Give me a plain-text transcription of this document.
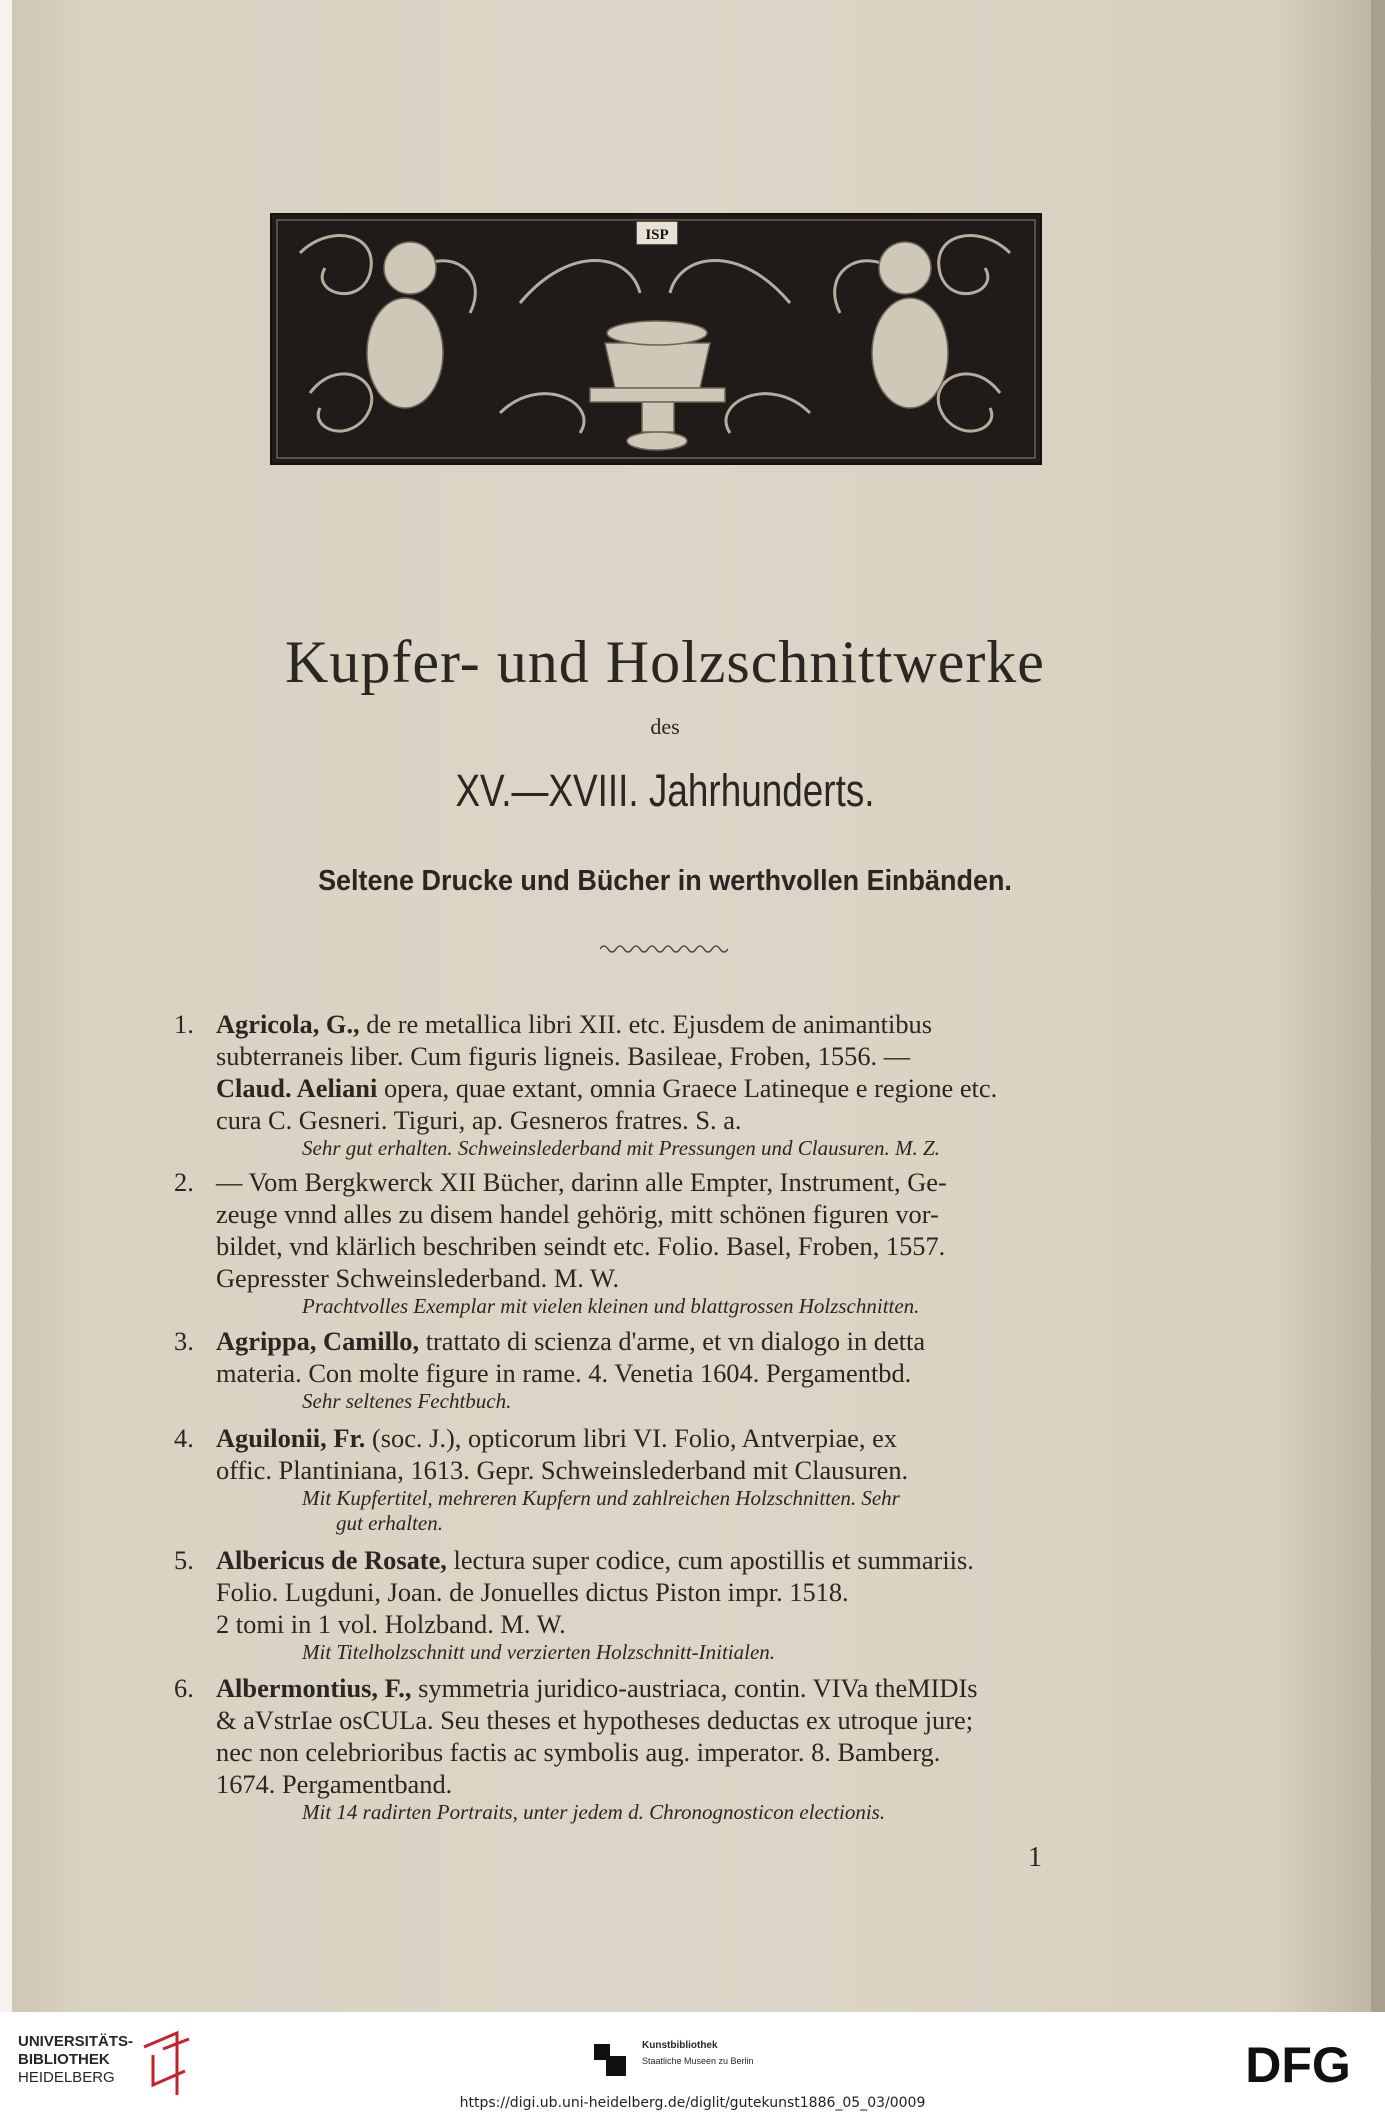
ISP
Kupfer- und Holzschnittwerke
des
XV.—XVIII. Jahrhunderts.
Seltene Drucke und Bücher in werthvollen Einbänden.
1. Agricola, G., de re metallica libri XII. etc. Ejusdem de animantibus
subterraneis liber. Cum figuris ligneis. Basileae, Froben, 1556. —
Claud. Aeliani opera, quae extant, omnia Graece Latineque e regione etc.
cura C. Gesneri. Tiguri, ap. Gesneros fratres. S. a.
Sehr gut erhalten. Schweinslederband mit Pressungen und Clausuren. M. Z.
2. — Vom Bergkwerck XII Bücher, darinn alle Empter, Instrument, Ge-
zeuge vnnd alles zu disem handel gehörig, mitt schönen figuren vor-
bildet, vnd klärlich beschriben seindt etc. Folio. Basel, Froben, 1557.
Gepresster Schweinslederband. M. W.
Prachtvolles Exemplar mit vielen kleinen und blattgrossen Holzschnitten.
3. Agrippa, Camillo, trattato di scienza d'arme, et vn dialogo in detta
materia. Con molte figure in rame. 4. Venetia 1604. Pergamentbd.
Sehr seltenes Fechtbuch.
4. Aguilonii, Fr. (soc. J.), opticorum libri VI. Folio, Antverpiae, ex
offic. Plantiniana, 1613. Gepr. Schweinslederband mit Clausuren.
Mit Kupfertitel, mehreren Kupfern und zahlreichen Holzschnitten. Sehr
gut erhalten.
5. Albericus de Rosate, lectura super codice, cum apostillis et summariis.
Folio. Lugduni, Joan. de Jonuelles dictus Piston impr. 1518.
2 tomi in 1 vol. Holzband. M. W.
Mit Titelholzschnitt und verzierten Holzschnitt-Initialen.
6. Albermontius, F., symmetria juridico-austriaca, contin. VIVa theMIDIs
& aVstrIae osCULa. Seu theses et hypotheses deductas ex utroque jure;
nec non celebrioribus factis ac symbolis aug. imperator. 8. Bamberg.
1674. Pergamentband.
Mit 14 radirten Portraits, unter jedem d. Chronognosticon electionis.
1
UNIVERSITÄTS-
BIBLIOTHEK
HEIDELBERG
Kunstbibliothek
Staatliche Museen zu Berlin	DFG
https://digi.ub.uni-heidelberg.de/diglit/gutekunst1886_05_03/0009
